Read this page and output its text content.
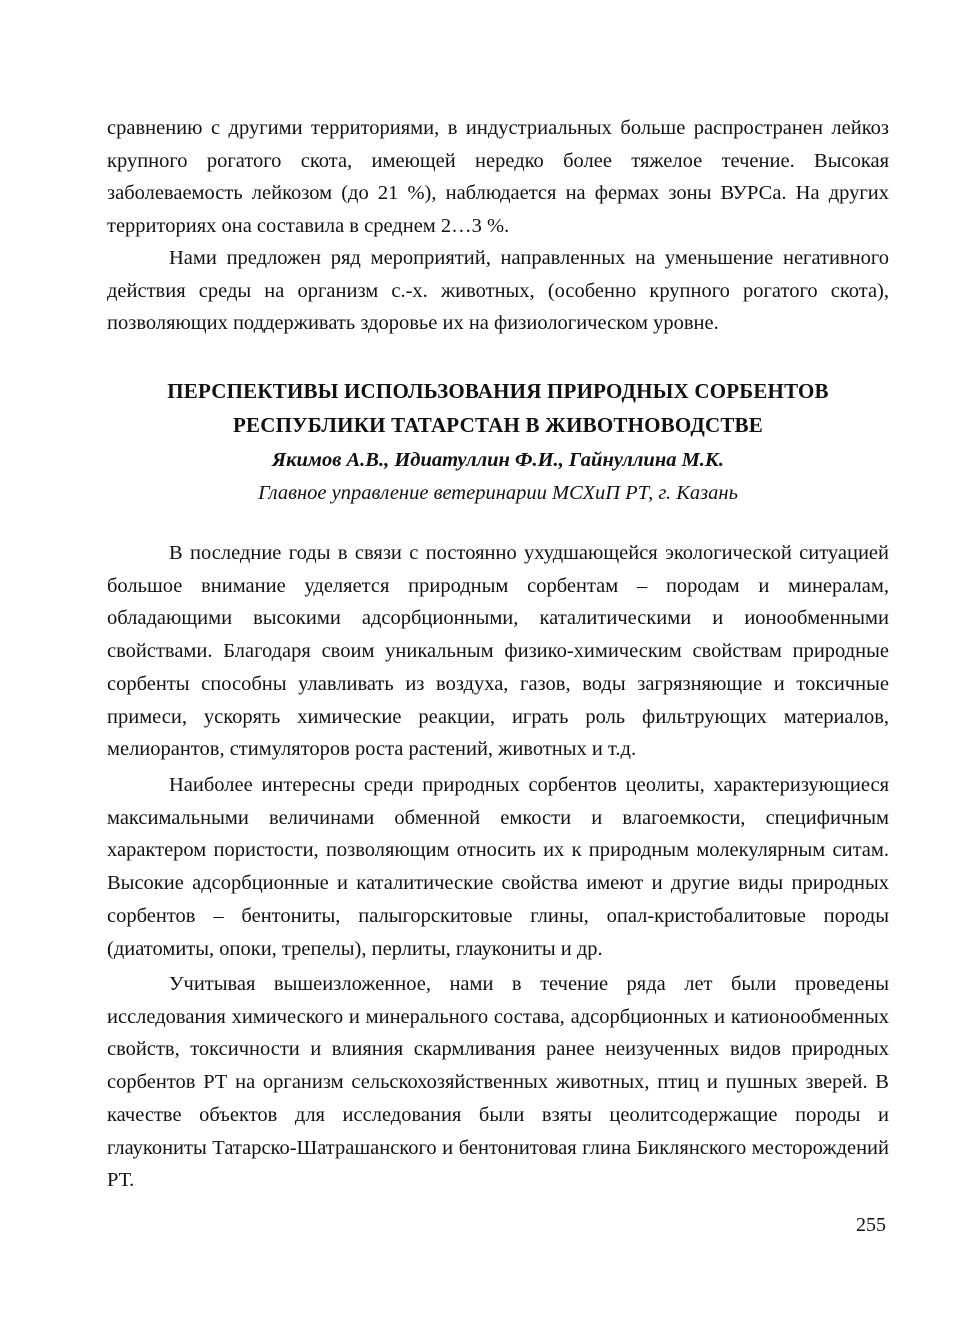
сравнению с другими территориями, в индустриальных больше распространен лейкоз крупного рогатого скота, имеющей нередко более тяжелое течение. Высокая заболеваемость лейкозом (до 21 %), наблюдается на фермах зоны ВУРСа. На других территориях она составила в среднем 2…3 %.

Нами предложен ряд мероприятий, направленных на уменьшение негативного действия среды на организм с.-х. животных, (особенно крупного рогатого скота), позволяющих поддерживать здоровье их на физиологическом уровне.

ПЕРСПЕКТИВЫ ИСПОЛЬЗОВАНИЯ ПРИРОДНЫХ СОРБЕНТОВ
РЕСПУБЛИКИ ТАТАРСТАН В ЖИВОТНОВОДСТВЕ

Якимов А.В., Идиатуллин Ф.И., Гайнуллина М.К.

Главное управление ветеринарии МСХиП РТ, г. Казань

В последние годы в связи с постоянно ухудшающейся экологической ситуацией большое внимание уделяется природным сорбентам – породам и минералам, обладающими высокими адсорбционными, каталитическими и ионообменными свойствами. Благодаря своим уникальным физико-химическим свойствам природные сорбенты способны улавливать из воздуха, газов, воды загрязняющие и токсичные примеси, ускорять химические реакции, играть роль фильтрующих материалов, мелиорантов, стимуляторов роста растений, животных и т.д.

Наиболее интересны среди природных сорбентов цеолиты, характеризующиеся максимальными величинами обменной емкости и влагоемкости, специфичным характером пористости, позволяющим относить их к природным молекулярным ситам. Высокие адсорбционные и каталитические свойства имеют и другие виды природных сорбентов – бентониты, палыгорскитовые глины, опал-кристобалитовые породы (диатомиты, опоки, трепелы), перлиты, глаукониты и др.

Учитывая вышеизложенное, нами в течение ряда лет были проведены исследования химического и минерального состава, адсорбционных и катионообменных свойств, токсичности и влияния скармливания ранее неизученных видов природных сорбентов РТ на организм сельскохозяйственных животных, птиц и пушных зверей. В качестве объектов для исследования были взяты цеолитсодержащие породы и глаукониты Татарско-Шатрашанского и бентонитовая глина Биклянского месторождений РТ.

255
